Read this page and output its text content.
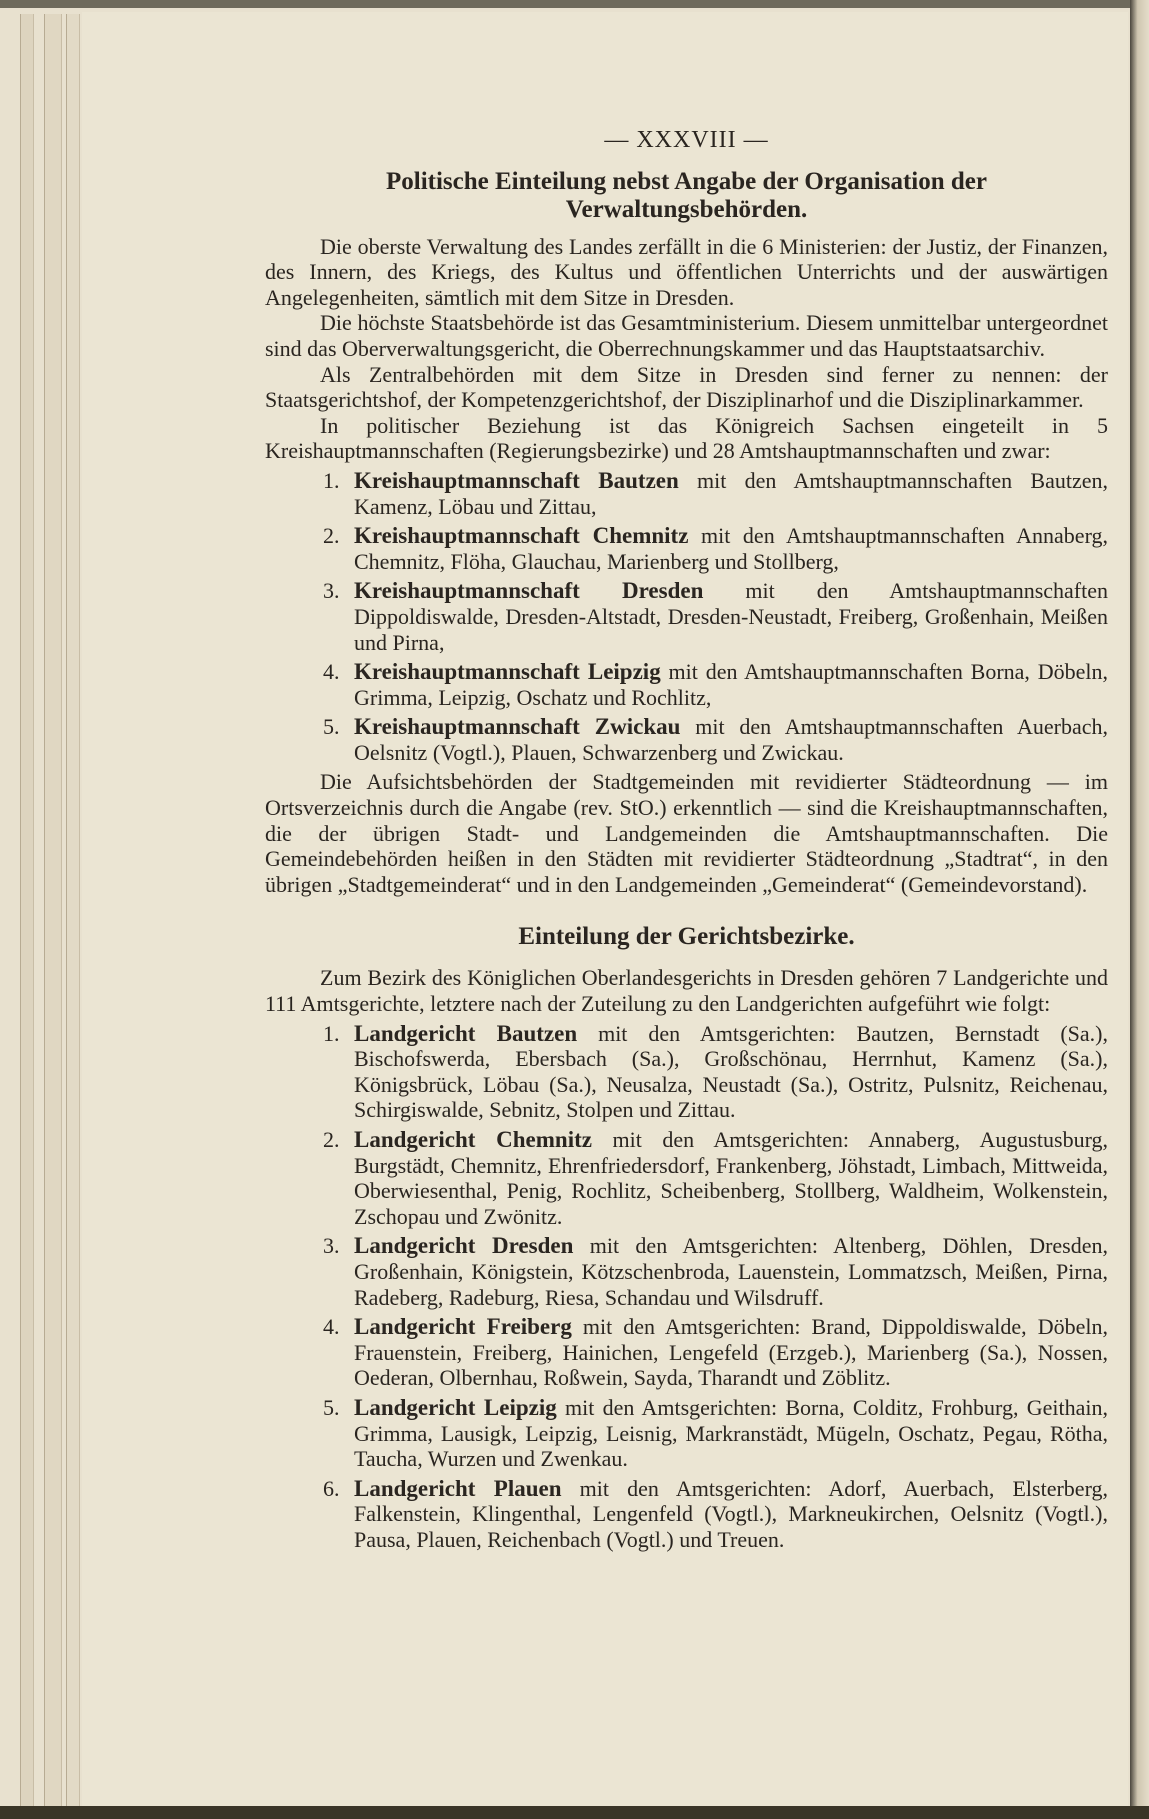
— XXXVIII —
Politische Einteilung nebst Angabe der Organisation der Verwaltungsbehörden.

Die oberste Verwaltung des Landes zerfällt in die 6 Ministerien: der Justiz, der Finanzen, des Innern, des Kriegs, des Kultus und öffentlichen Unterrichts und der auswärtigen Angelegenheiten, sämtlich mit dem Sitze in Dresden.

Die höchste Staatsbehörde ist das Gesamtministerium. Diesem unmittelbar untergeordnet sind das Oberverwaltungsgericht, die Oberrechnungskammer und das Hauptstaatsarchiv.

Als Zentralbehörden mit dem Sitze in Dresden sind ferner zu nennen: der Staatsgerichtshof, der Kompetenzgerichtshof, der Disziplinarhof und die Disziplinarkammer.

In politischer Beziehung ist das Königreich Sachsen eingeteilt in 5 Kreishauptmannschaften (Regierungsbezirke) und 28 Amtshauptmannschaften und zwar:

1. Kreishauptmannschaft Bautzen mit den Amtshauptmannschaften Bautzen, Kamenz, Löbau und Zittau,
2. Kreishauptmannschaft Chemnitz mit den Amtshauptmannschaften Annaberg, Chemnitz, Flöha, Glauchau, Marienberg und Stollberg,
3. Kreishauptmannschaft Dresden mit den Amtshauptmannschaften Dippoldiswalde, Dresden-Altstadt, Dresden-Neustadt, Freiberg, Großenhain, Meißen und Pirna,
4. Kreishauptmannschaft Leipzig mit den Amtshauptmannschaften Borna, Döbeln, Grimma, Leipzig, Oschatz und Rochlitz,
5. Kreishauptmannschaft Zwickau mit den Amtshauptmannschaften Auerbach, Oelsnitz (Vogtl.), Plauen, Schwarzenberg und Zwickau.

Die Aufsichtsbehörden der Stadtgemeinden mit revidierter Städteordnung — im Ortsverzeichnis durch die Angabe (rev. StO.) erkenntlich — sind die Kreishauptmannschaften, die der übrigen Stadt- und Landgemeinden die Amtshauptmannschaften. Die Gemeindebehörden heißen in den Städten mit revidierter Städteordnung „Stadtrat“, in den übrigen „Stadtgemeinderat“ und in den Landgemeinden „Gemeinderat“ (Gemeindevorstand).

Einteilung der Gerichtsbezirke.

Zum Bezirk des Königlichen Oberlandesgerichts in Dresden gehören 7 Landgerichte und 111 Amtsgerichte, letztere nach der Zuteilung zu den Landgerichten aufgeführt wie folgt:

1. Landgericht Bautzen mit den Amtsgerichten: Bautzen, Bernstadt (Sa.), Bischofswerda, Ebersbach (Sa.), Großschönau, Herrnhut, Kamenz (Sa.), Königsbrück, Löbau (Sa.), Neusalza, Neustadt (Sa.), Ostritz, Pulsnitz, Reichenau, Schirgiswalde, Sebnitz, Stolpen und Zittau.
2. Landgericht Chemnitz mit den Amtsgerichten: Annaberg, Augustusburg, Burgstädt, Chemnitz, Ehrenfriedersdorf, Frankenberg, Jöhstadt, Limbach, Mittweida, Oberwiesenthal, Penig, Rochlitz, Scheibenberg, Stollberg, Waldheim, Wolkenstein, Zschopau und Zwönitz.
3. Landgericht Dresden mit den Amtsgerichten: Altenberg, Döhlen, Dresden, Großenhain, Königstein, Kötzschenbroda, Lauenstein, Lommatzsch, Meißen, Pirna, Radeberg, Radeburg, Riesa, Schandau und Wilsdruff.
4. Landgericht Freiberg mit den Amtsgerichten: Brand, Dippoldiswalde, Döbeln, Frauenstein, Freiberg, Hainichen, Lengefeld (Erzgeb.), Marienberg (Sa.), Nossen, Oederan, Olbernhau, Roßwein, Sayda, Tharandt und Zöblitz.
5. Landgericht Leipzig mit den Amtsgerichten: Borna, Colditz, Frohburg, Geithain, Grimma, Lausigk, Leipzig, Leisnig, Markranstädt, Mügeln, Oschatz, Pegau, Rötha, Taucha, Wurzen und Zwenkau.
6. Landgericht Plauen mit den Amtsgerichten: Adorf, Auerbach, Elsterberg, Falkenstein, Klingenthal, Lengenfeld (Vogtl.), Markneukirchen, Oelsnitz (Vogtl.), Pausa, Plauen, Reichenbach (Vogtl.) und Treuen.
